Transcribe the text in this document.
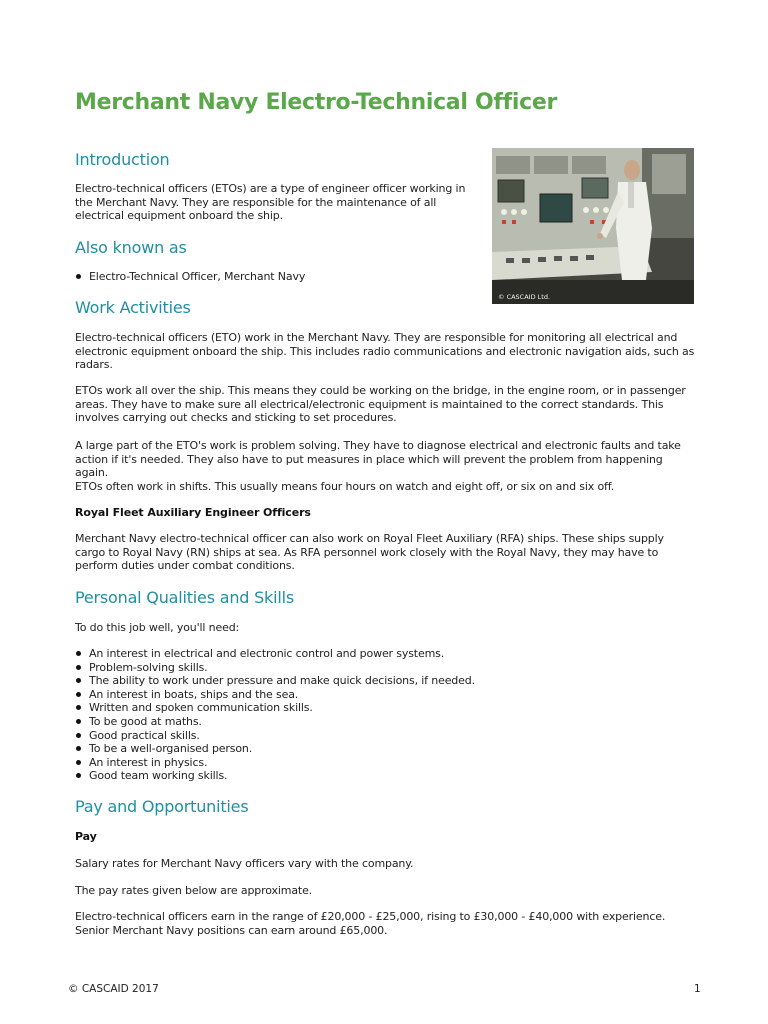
Merchant Navy Electro-Technical Officer
Introduction

Electro-technical officers (ETOs) are a type of engineer officer working in the Merchant Navy. They are responsible for the maintenance of all electrical equipment onboard the ship.

© CASCAID Ltd.
Also known as
Electro-Technical Officer, Merchant Navy
Work Activities

Electro-technical officers (ETO) work in the Merchant Navy. They are responsible for monitoring all electrical and electronic equipment onboard the ship. This includes radio communications and electronic navigation aids, such as radars.

ETOs work all over the ship. This means they could be working on the bridge, in the engine room, or in passenger areas. They have to make sure all electrical/electronic equipment is maintained to the correct standards. This involves carrying out checks and sticking to set procedures.

A large part of the ETO's work is problem solving. They have to diagnose electrical and electronic faults and take action if it's needed. They also have to put measures in place which will prevent the problem from happening again.

ETOs often work in shifts. This usually means four hours on watch and eight off, or six on and six off.

Royal Fleet Auxiliary Engineer Officers

Merchant Navy electro-technical officer can also work on Royal Fleet Auxiliary (RFA) ships. These ships supply cargo to Royal Navy (RN) ships at sea. As RFA personnel work closely with the Royal Navy, they may have to perform duties under combat conditions.

Personal Qualities and Skills

To do this job well, you'll need:

An interest in electrical and electronic control and power systems.
Problem-solving skills.
The ability to work under pressure and make quick decisions, if needed.
An interest in boats, ships and the sea.
Written and spoken communication skills.
To be good at maths.
Good practical skills.
To be a well-organised person.
An interest in physics.
Good team working skills.
Pay and Opportunities

Pay

Salary rates for Merchant Navy officers vary with the company.

The pay rates given below are approximate.

Electro-technical officers earn in the range of £20,000 - £25,000, rising to £30,000 - £40,000 with experience. Senior Merchant Navy positions can earn around £65,000.

© CASCAID 2017	1
